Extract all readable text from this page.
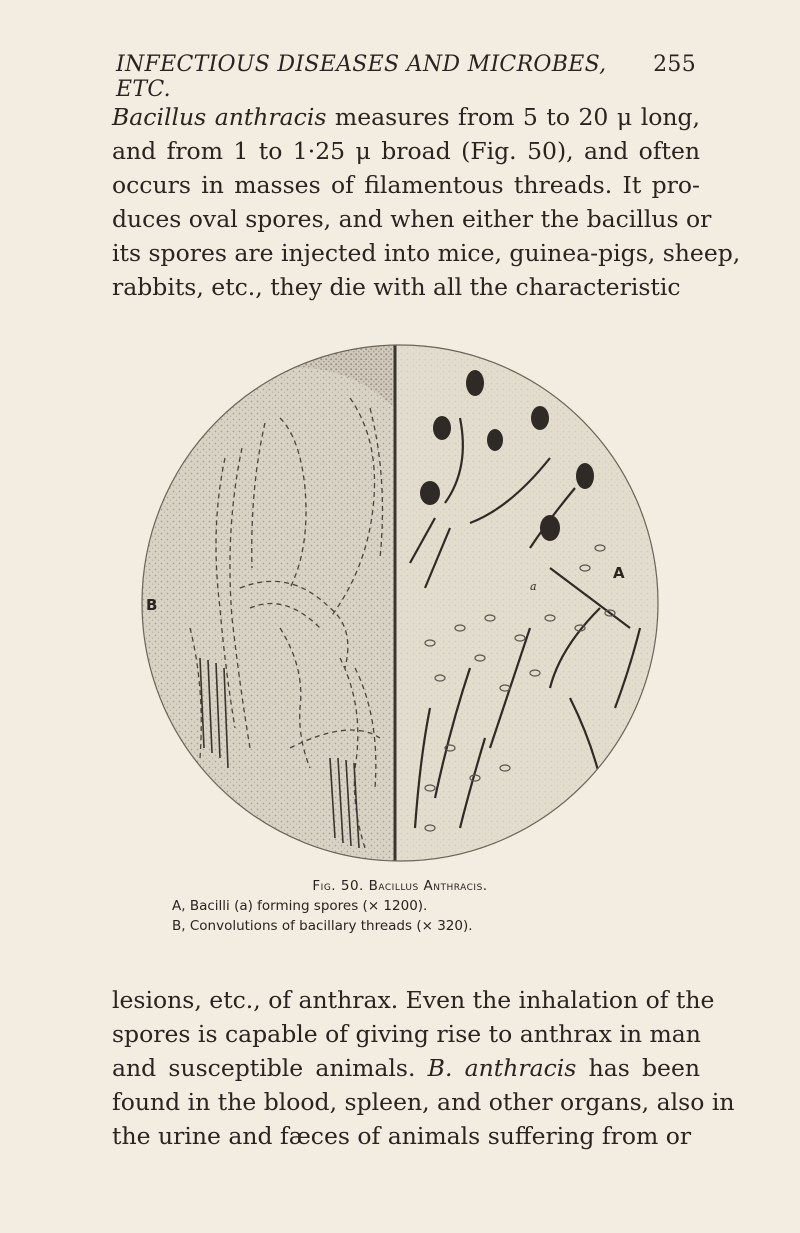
INFECTIOUS DISEASES AND MICROBES, ETC.
255

Bacillus anthracis measures from 5 to 20 μ long,
and from 1 to 1·25 μ broad (Fig. 50), and often
occurs in masses of filamentous threads. It pro-
duces oval spores, and when either the bacillus or
its spores are injected into mice, guinea-pigs, sheep,
rabbits, etc., they die with all the characteristic

B
A
a
Fig. 50. Bacillus Anthracis.
A, Bacilli (a) forming spores (× 1200).
B, Convolutions of bacillary threads (× 320).

lesions, etc., of anthrax. Even the inhalation of the
spores is capable of giving rise to anthrax in man
and susceptible animals. B. anthracis has been
found in the blood, spleen, and other organs, also in
the urine and fæces of animals suffering from or
